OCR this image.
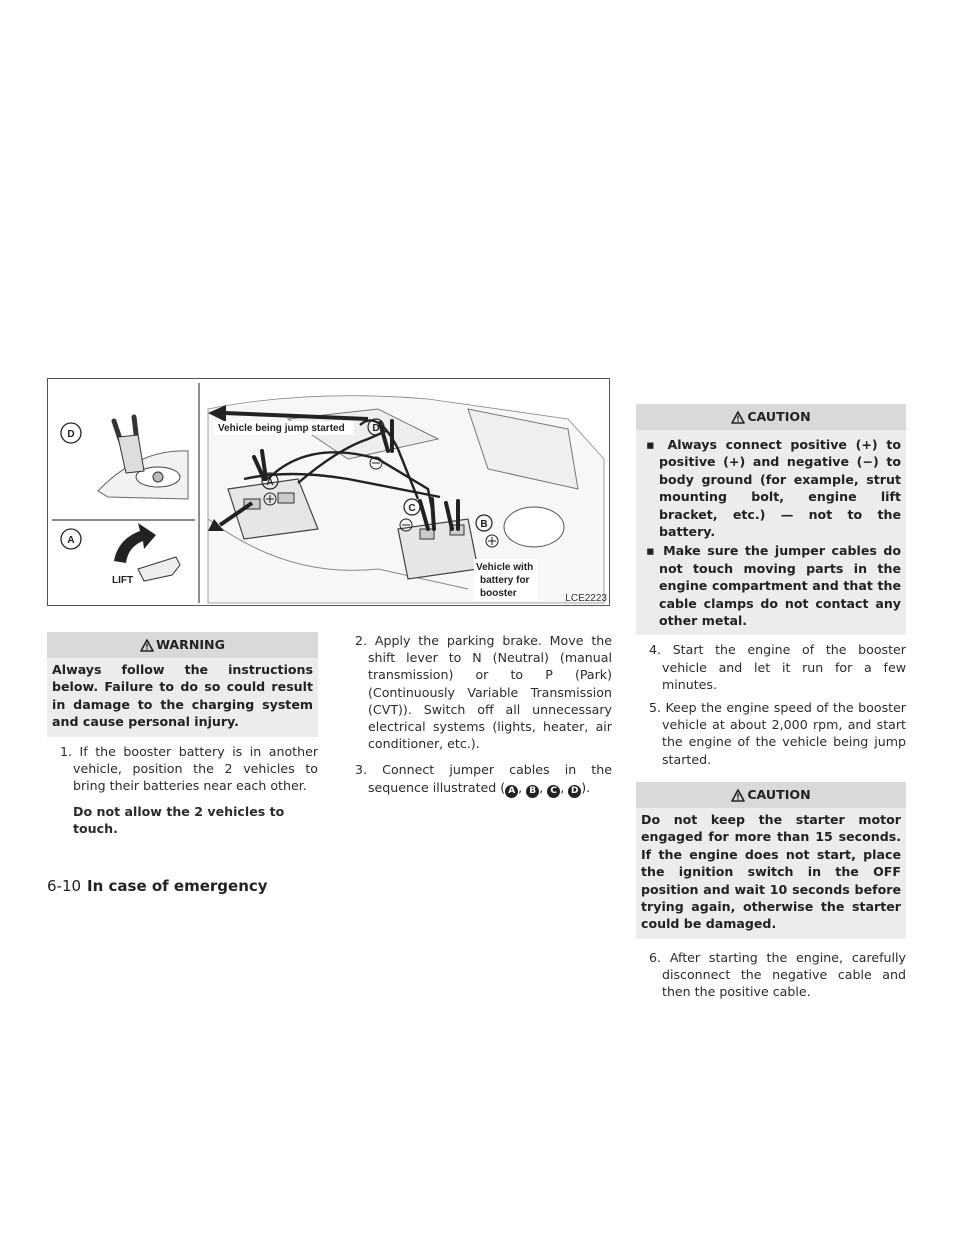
D
A
LIFT
A
D
C
B
Vehicle being jump started
Vehicle with
battery for
booster	LCE2223
WARNING
Always follow the instructions below. Failure to do so could result in damage to the charging system and cause personal injury.
1. If the booster battery is in another vehicle, position the 2 vehicles to bring their batteries near each other.
Do not allow the 2 vehicles to touch.
2. Apply the parking brake. Move the shift lever to N (Neutral) (manual transmission) or to P (Park) (Continuously Variable Transmission (CVT)). Switch off all unnecessary electrical systems (lights, heater, air conditioner, etc.).
3. Connect jumper cables in the sequence illustrated ( A , B , C , D ).
CAUTION
▪ Always connect positive (+) to positive (+) and negative (−) to body ground (for example, strut mounting bolt, engine lift bracket, etc.) — not to the battery.
▪ Make sure the jumper cables do not touch moving parts in the engine compartment and that the cable clamps do not contact any other metal.
4. Start the engine of the booster vehicle and let it run for a few minutes.
5. Keep the engine speed of the booster vehicle at about 2,000 rpm, and start the engine of the vehicle being jump started.
CAUTION
Do not keep the starter motor engaged for more than 15 seconds. If the engine does not start, place the ignition switch in the OFF position and wait 10 seconds before trying again, otherwise the starter could be damaged.
6. After starting the engine, carefully disconnect the negative cable and then the positive cable.
6-10 In case of emergency
